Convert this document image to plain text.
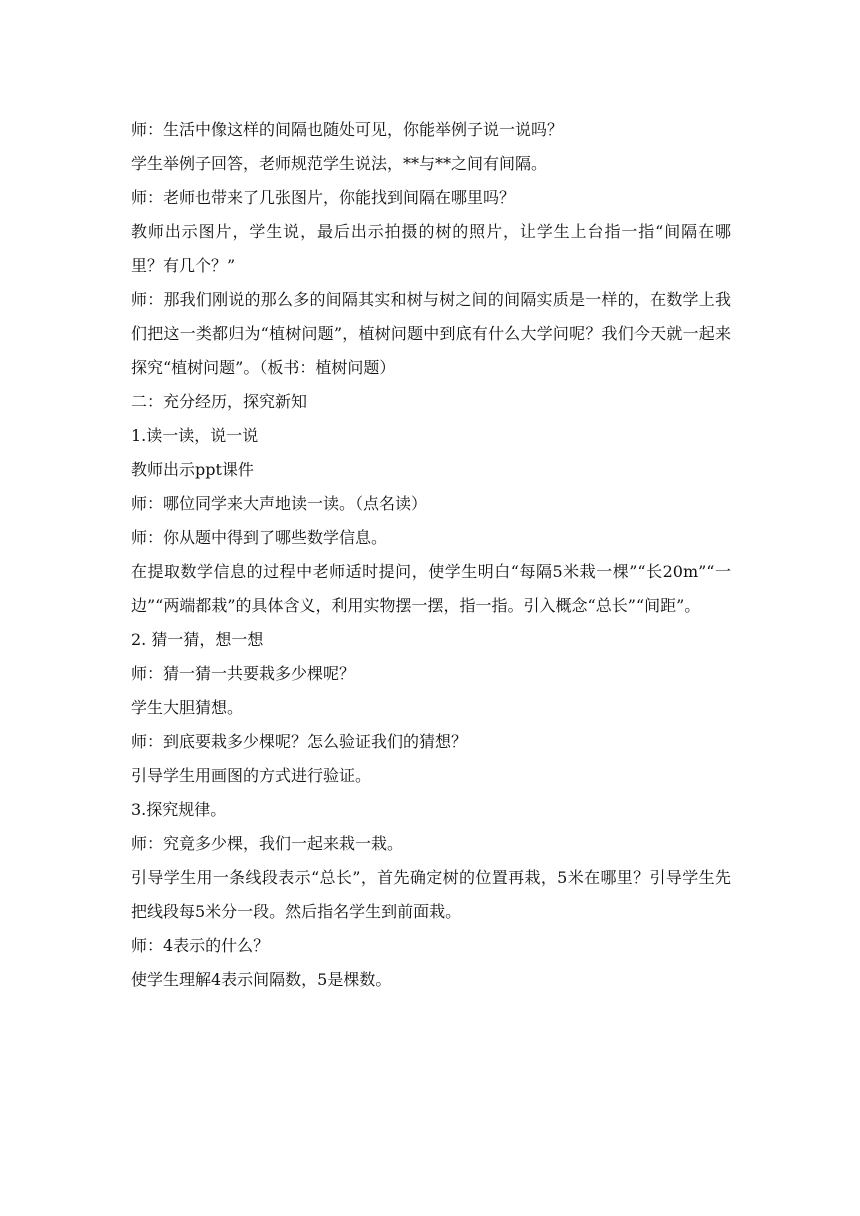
师：生活中像这样的间隔也随处可见，你能举例子说一说吗？

学生举例子回答，老师规范学生说法，**与**之间有间隔。

师：老师也带来了几张图片，你能找到间隔在哪里吗？

教师出示图片，学生说，最后出示拍摄的树的照片，让学生上台指一指“间隔在哪里？有几个？”

师：那我们刚说的那么多的间隔其实和树与树之间的间隔实质是一样的，在数学上我们把这一类都归为“植树问题”，植树问题中到底有什么大学问呢？我们今天就一起来探究“植树问题”。（板书：植树问题）

二：充分经历，探究新知

1.读一读，说一说

教师出示ppt课件

师：哪位同学来大声地读一读。（点名读）

师：你从题中得到了哪些数学信息。

在提取数学信息的过程中老师适时提问，使学生明白“每隔5米栽一棵”“长20m”“一边”“两端都栽”的具体含义，利用实物摆一摆，指一指。引入概念“总长”“间距”。

2. 猜一猜，想一想

师：猜一猜一共要栽多少棵呢？

学生大胆猜想。

师：到底要栽多少棵呢？怎么验证我们的猜想？

引导学生用画图的方式进行验证。

3.探究规律。

师：究竟多少棵，我们一起来栽一栽。

引导学生用一条线段表示“总长”，首先确定树的位置再栽，5米在哪里？引导学生先把线段每5米分一段。然后指名学生到前面栽。

师：4表示的什么？

使学生理解4表示间隔数，5是棵数。
